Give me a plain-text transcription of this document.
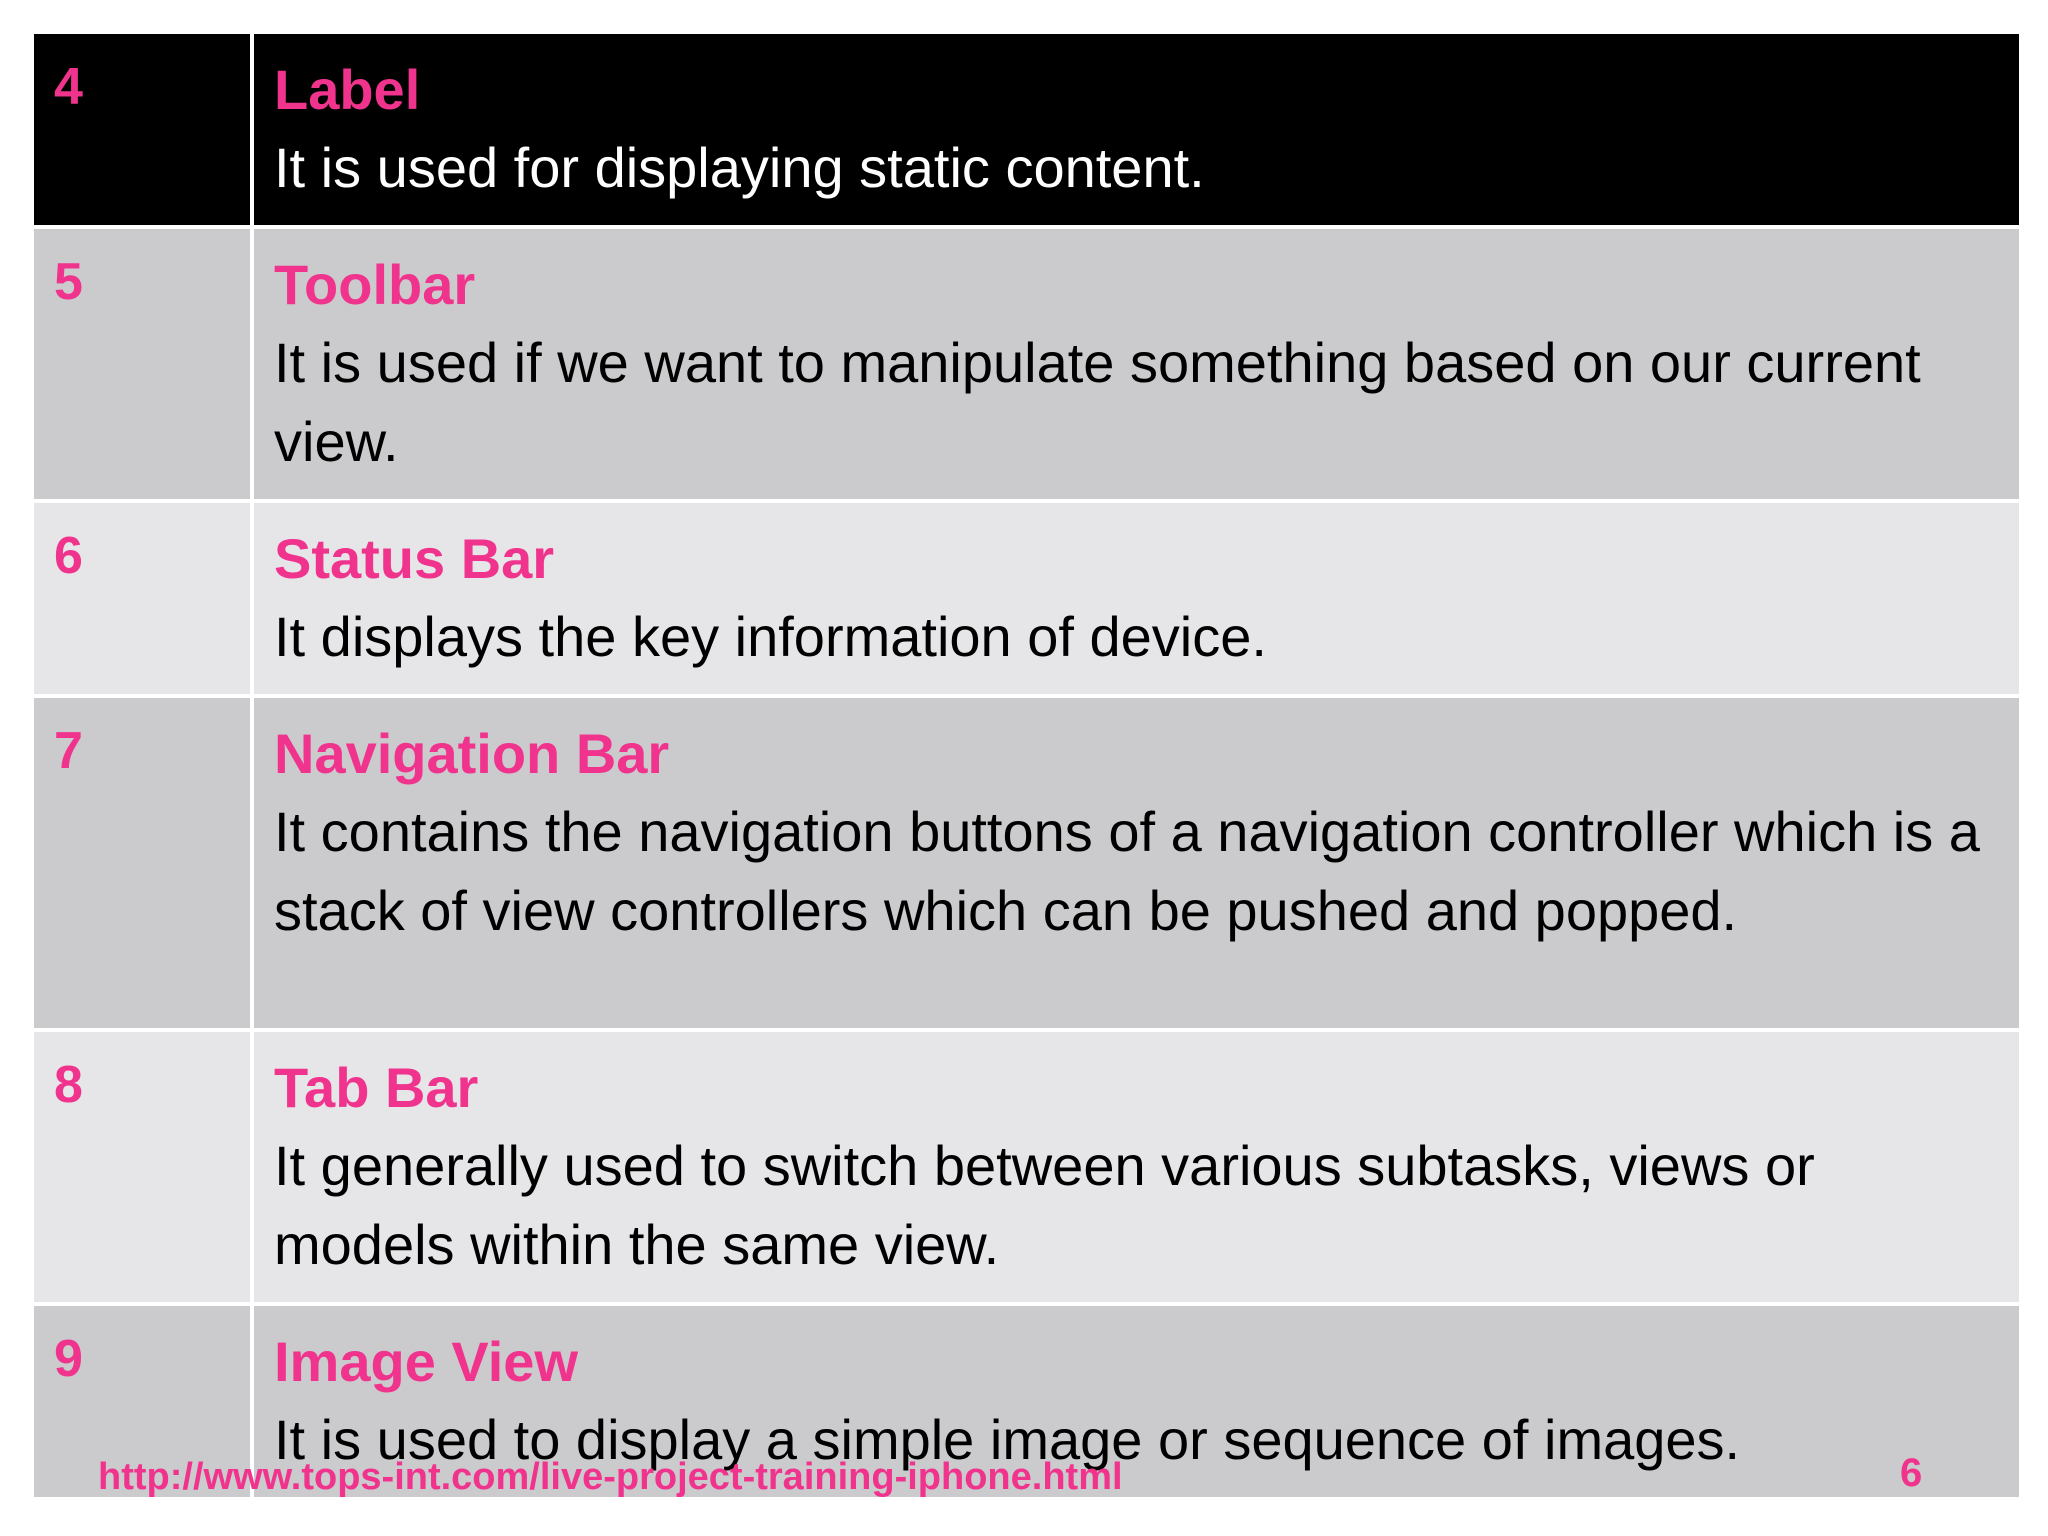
4	Label
It is used for displaying static content.

5	Toolbar
It is used if we want to manipulate something based on our current view.

6	Status Bar
It displays the key information of device.

7	Navigation Bar
It contains the navigation buttons of a navigation controller which is a stack of view controllers which can be pushed and popped.

8	Tab Bar
It generally used to switch between various subtasks, views or models within the same view.

9	Image View
It is used to display a simple image or sequence of images.
http://www.tops-int.com/live-project-training-iphone.html	6
